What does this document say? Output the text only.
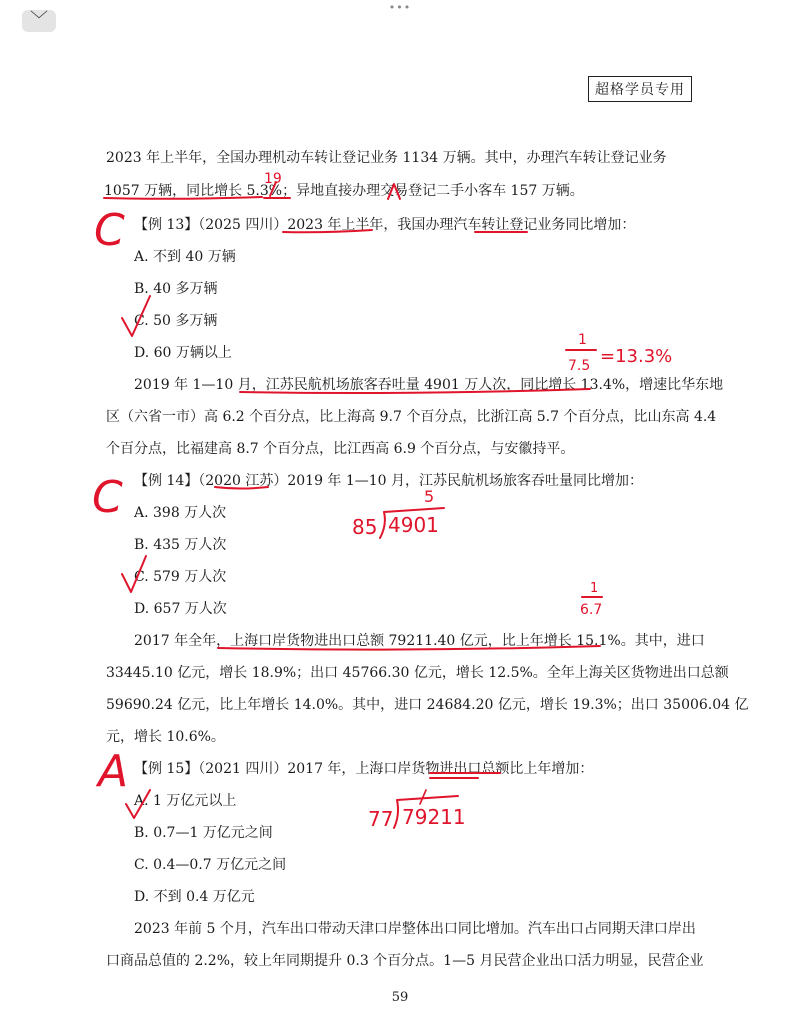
﹀
•••
超格学员专用
2023 年上半年，全国办理机动车转让登记业务 1134 万辆。其中，办理汽车转让登记业务
1057 万辆，同比增长 5.3%；异地直接办理交易登记二手小客车 157 万辆。
【例 13】（2025 四川）2023 年上半年，我国办理汽车转让登记业务同比增加：
A. 不到 40 万辆
B. 40 多万辆
C. 50 多万辆
D. 60 万辆以上
2019 年 1—10 月，江苏民航机场旅客吞吐量 4901 万人次，同比增长 13.4%，增速比华东地
区（六省一市）高 6.2 个百分点，比上海高 9.7 个百分点，比浙江高 5.7 个百分点，比山东高 4.4
个百分点，比福建高 8.7 个百分点，比江西高 6.9 个百分点，与安徽持平。
【例 14】（2020 江苏）2019 年 1—10 月，江苏民航机场旅客吞吐量同比增加：
A. 398 万人次
B. 435 万人次
C. 579 万人次
D. 657 万人次
2017 年全年，上海口岸货物进出口总额 79211.40 亿元，比上年增长 15.1%。其中，进口
33445.10 亿元，增长 18.9%；出口 45766.30 亿元，增长 12.5%。全年上海关区货物进出口总额
59690.24 亿元，比上年增长 14.0%。其中，进口 24684.20 亿元，增长 19.3%；出口 35006.04 亿
元，增长 10.6%。
【例 15】（2021 四川）2017 年，上海口岸货物进出口总额比上年增加：
A. 1 万亿元以上
B. 0.7—1 万亿元之间
C. 0.4—0.7 万亿元之间
D. 不到 0.4 万亿元
2023 年前 5 个月，汽车出口带动天津口岸整体出口同比增加。汽车出口占同期天津口岸出
口商品总值的 2.2%，较上年同期提升 0.3 个百分点。1—5 月民营企业出口活力明显，民营企业
59
19
C
1
7.5 =13.3%
C	5
85 4901
1
6.7
A
77 79211
